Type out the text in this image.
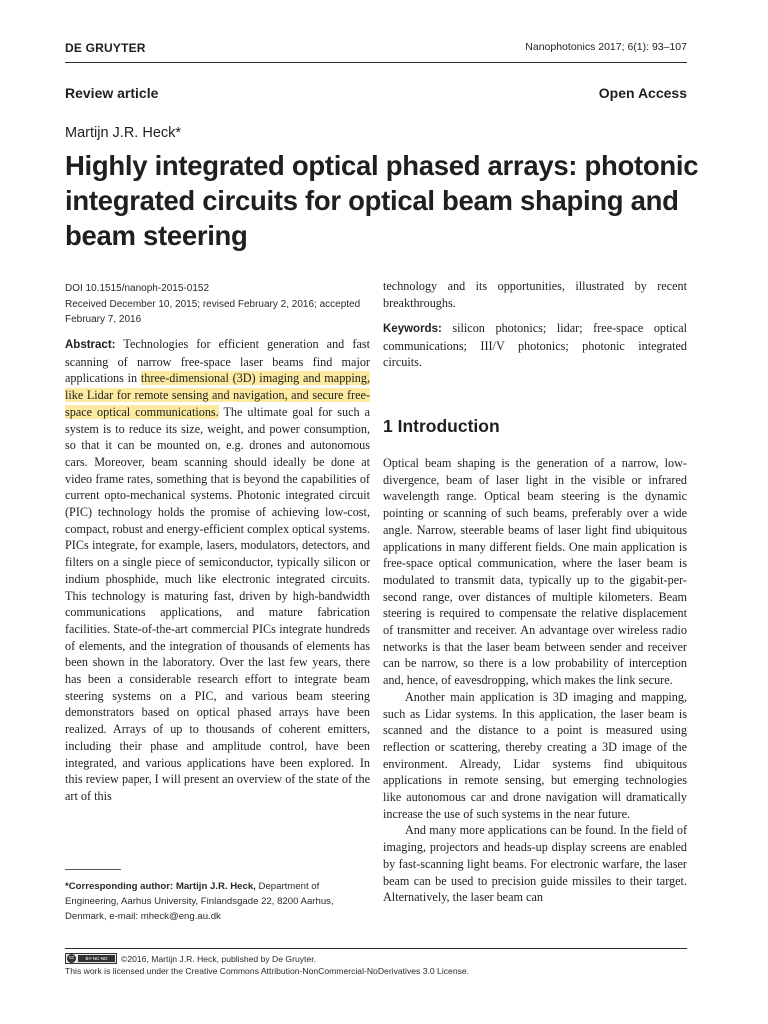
DE GRUYTER	Nanophotonics 2017; 6(1): 93–107
Review article	Open Access
Martijn J.R. Heck*
Highly integrated optical phased arrays: photonic integrated circuits for optical beam shaping and beam steering
DOI 10.1515/nanoph-2015-0152
Received December 10, 2015; revised February 2, 2016; accepted February 7, 2016

Abstract: Technologies for efficient generation and fast scanning of narrow free-space laser beams find major applications in three-dimensional (3D) imaging and mapping, like Lidar for remote sensing and navigation, and secure free-space optical communications. The ultimate goal for such a system is to reduce its size, weight, and power consumption, so that it can be mounted on, e.g. drones and autonomous cars. Moreover, beam scanning should ideally be done at video frame rates, something that is beyond the capabilities of current opto-mechanical systems. Photonic integrated circuit (PIC) technology holds the promise of achieving low-cost, compact, robust and energy-efficient complex optical systems. PICs integrate, for example, lasers, modulators, detectors, and filters on a single piece of semiconductor, typically silicon or indium phosphide, much like electronic integrated circuits. This technology is maturing fast, driven by high-bandwidth communications applications, and mature fabrication facilities. State-of-the-art commercial PICs integrate hundreds of elements, and the integration of thousands of elements has been shown in the laboratory. Over the last few years, there has been a considerable research effort to integrate beam steering systems on a PIC, and various beam steering demonstrators based on optical phased arrays have been realized. Arrays of up to thousands of coherent emitters, including their phase and amplitude control, have been integrated, and various applications have been explored. In this review paper, I will present an overview of the state of the art of this

technology and its opportunities, illustrated by recent breakthroughs.

Keywords: silicon photonics; lidar; free-space optical communications; III/V photonics; photonic integrated circuits.

1 Introduction

Optical beam shaping is the generation of a narrow, low-divergence, beam of laser light in the visible or infrared wavelength range. Optical beam steering is the dynamic pointing or scanning of such beams, preferably over a wide angle. Narrow, steerable beams of laser light find ubiquitous applications in many different fields. One main application is free-space optical communication, where the laser beam is modulated to transmit data, typically up to the gigabit-per-second range, over distances of multiple kilometers. Beam steering is required to compensate the relative displacement of transmitter and receiver. An advantage over wireless radio networks is that the laser beam between sender and receiver can be narrow, so there is a low probability of interception and, hence, of eavesdropping, which makes the link secure.

Another main application is 3D imaging and mapping, such as Lidar systems. In this application, the laser beam is scanned and the distance to a point is measured using reflection or scattering, thereby creating a 3D image of the environment. Already, Lidar systems find ubiquitous applications in remote sensing, but emerging technologies like autonomous car and drone navigation will dramatically increase the use of such systems in the near future.

And many more applications can be found. In the field of imaging, projectors and heads-up display screens are enabled by fast-scanning light beams. For electronic warfare, the laser beam can be used to precision guide missiles to their target. Alternatively, the laser beam can

*Corresponding author: Martijn J.R. Heck, Department of Engineering, Aarhus University, Finlandsgade 22, 8200 Aarhus, Denmark, e-mail: mheck@eng.au.dk
cc	BY-NC-ND	©2016, Martijn J.R. Heck, published by De Gruyter.
This work is licensed under the Creative Commons Attribution-NonCommercial-NoDerivatives 3.0 License.
